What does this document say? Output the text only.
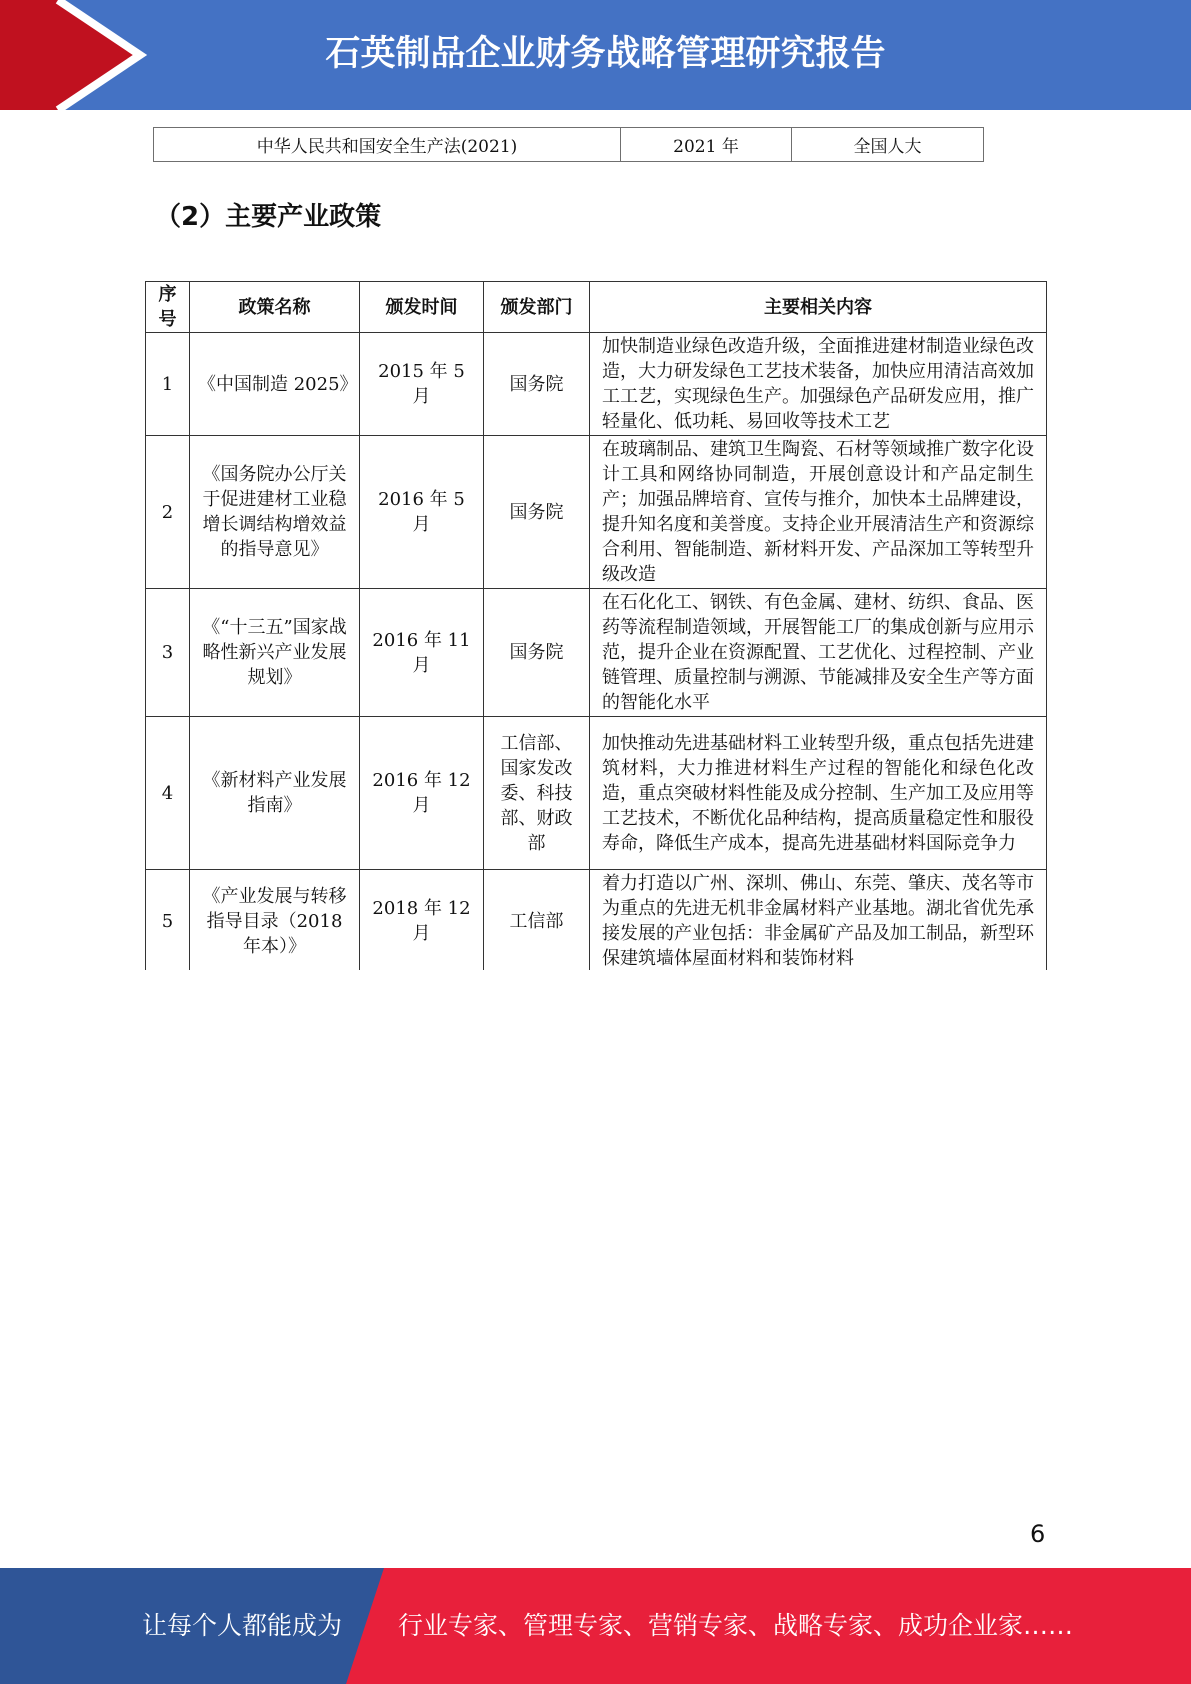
石英制品企业财务战略管理研究报告
中华人民共和国安全生产法(2021)	2021 年	全国人大
（2）主要产业政策
序号	政策名称	颁发时间	颁发部门	主要相关内容
1	《中国制造 2025》	2015 年 5 月	国务院	加快制造业绿色改造升级，全面推进建材制造业绿色改造，大力研发绿色工艺技术装备，加快应用清洁高效加工工艺，实现绿色生产。加强绿色产品研发应用，推广轻量化、低功耗、易回收等技术工艺
2	《国务院办公厅关于促进建材工业稳增长调结构增效益的指导意见》	2016 年 5 月	国务院	在玻璃制品、建筑卫生陶瓷、石材等领域推广数字化设计工具和网络协同制造，开展创意设计和产品定制生产；加强品牌培育、宣传与推介，加快本土品牌建设，提升知名度和美誉度。支持企业开展清洁生产和资源综合利用、智能制造、新材料开发、产品深加工等转型升级改造
3	《“十三五”国家战略性新兴产业发展规划》	2016 年 11 月	国务院	在石化化工、钢铁、有色金属、建材、纺织、食品、医药等流程制造领域，开展智能工厂的集成创新与应用示范，提升企业在资源配置、工艺优化、过程控制、产业链管理、质量控制与溯源、节能减排及安全生产等方面的智能化水平
4	《新材料产业发展指南》	2016 年 12 月	工信部、国家发改委、科技部、财政部	加快推动先进基础材料工业转型升级，重点包括先进建筑材料，大力推进材料生产过程的智能化和绿色化改造，重点突破材料性能及成分控制、生产加工及应用等工艺技术，不断优化品种结构，提高质量稳定性和服役寿命，降低生产成本，提高先进基础材料国际竞争力
5	《产业发展与转移指导目录（2018 年本）》	2018 年 12 月	工信部	着力打造以广州、深圳、佛山、东莞、肇庆、茂名等市为重点的先进无机非金属材料产业基地。湖北省优先承接发展的产业包括：非金属矿产品及加工制品，新型环保建筑墙体屋面材料和装饰材料
6
让每个人都能成为 行业专家、管理专家、营销专家、战略专家、成功企业家……
